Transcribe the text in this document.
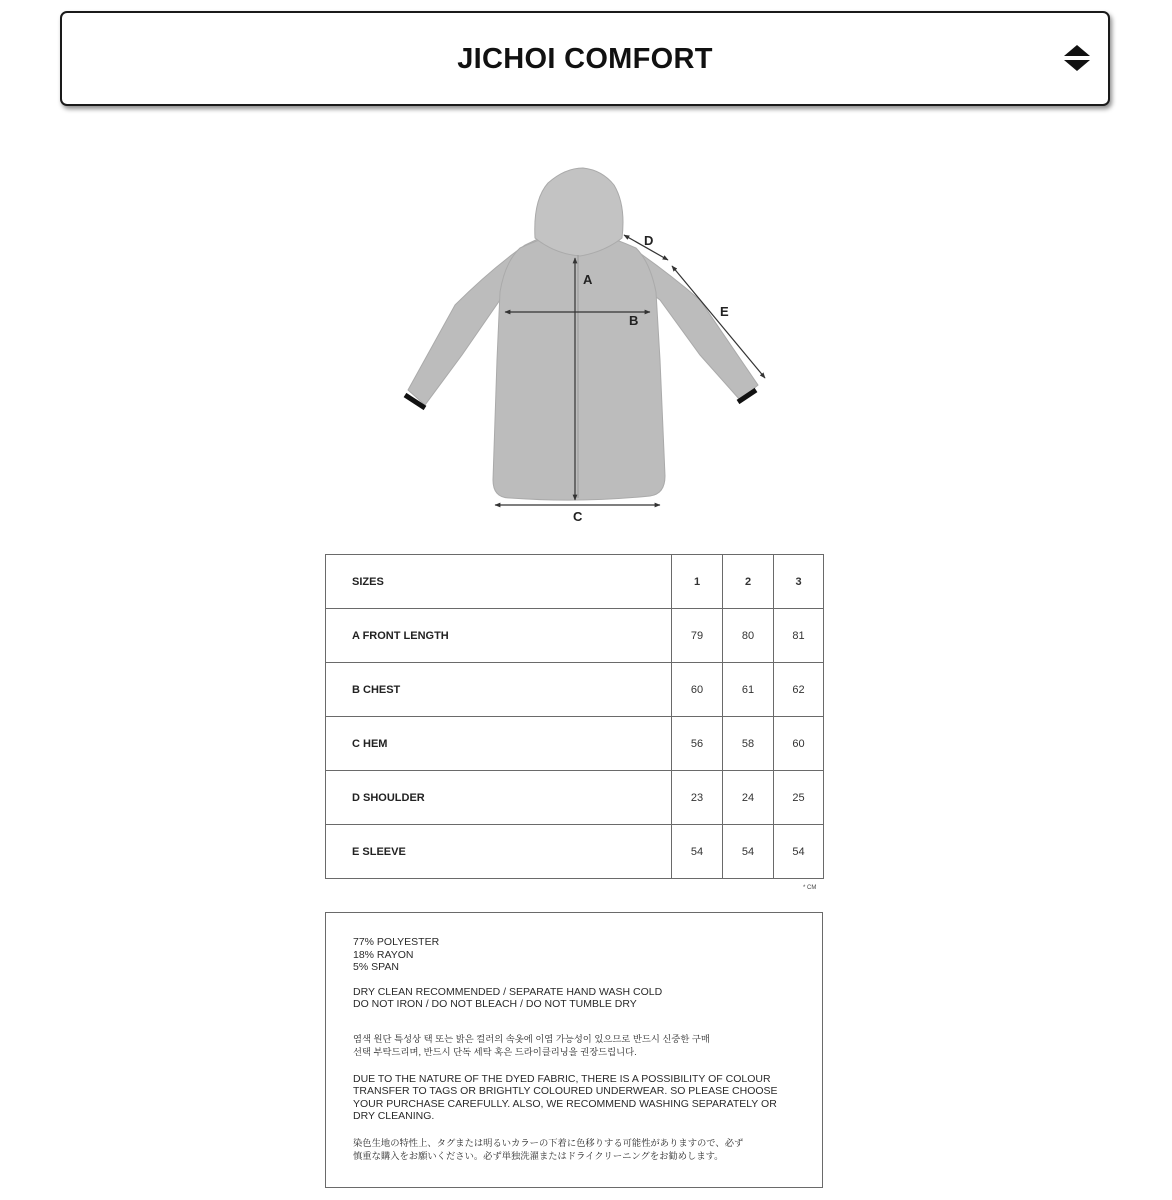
JICHOI COMFORT
A
B
C
D
E
SIZES	1	2	3
A FRONT LENGTH	79	80	81
B CHEST	60	61	62
C HEM	56	58	60
D SHOULDER	23	24	25
E SLEEVE	54	54	54
* CM

77% POLYESTER

18% RAYON

5% SPAN

DRY CLEAN RECOMMENDED / SEPARATE HAND WASH COLD

DO NOT IRON / DO NOT BLEACH / DO NOT TUMBLE DRY

염색 원단 특성상 택 또는 밝은 컬러의 속옷에 이염 가능성이 있으므로 반드시 신중한 구매

선택 부탁드리며, 반드시 단독 세탁 혹은 드라이클리닝을 권장드립니다.

DUE TO THE NATURE OF THE DYED FABRIC, THERE IS A POSSIBILITY OF COLOUR

TRANSFER TO TAGS OR BRIGHTLY COLOURED UNDERWEAR. SO PLEASE CHOOSE

YOUR PURCHASE CAREFULLY. ALSO, WE RECOMMEND WASHING SEPARATELY OR

DRY CLEANING.

染色生地の特性上、タグまたは明るいカラーの下着に色移りする可能性がありますので、必ず

慎重な購入をお願いください。必ず単独洗濯またはドライクリーニングをお勧めします。
